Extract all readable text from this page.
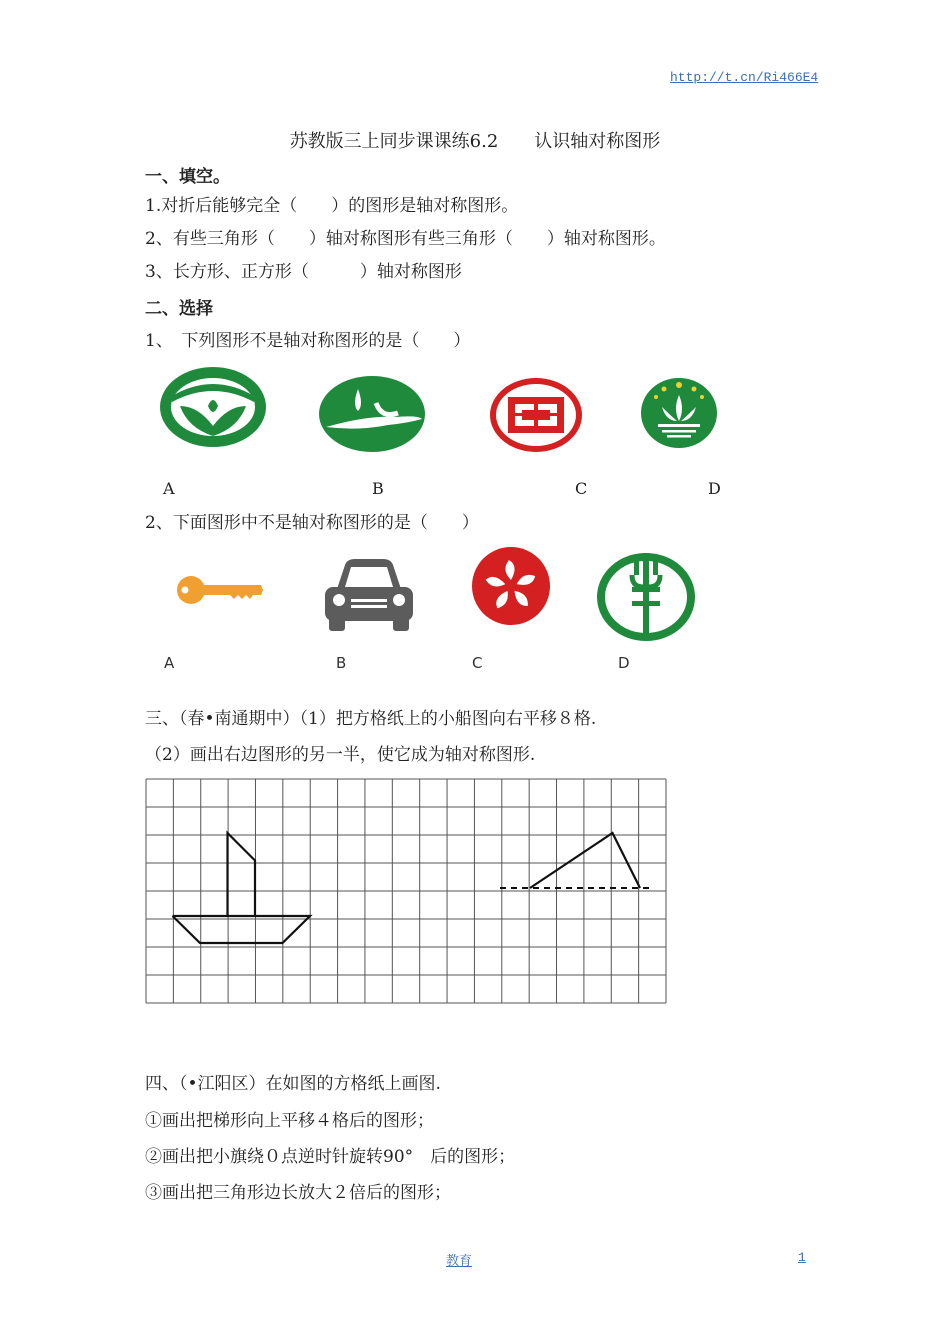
http://t.cn/Ri466E4
苏教版三上同步课课练6.2　　认识轴对称图形
一、填空。
1.对折后能够完全（　　）的图形是轴对称图形。
2、有些三角形（　　）轴对称图形有些三角形（　　）轴对称图形。
3、长方形、正方形（　　　）轴对称图形
二、选择
1、　下列图形不是轴对称图形的是（　　）
A	B	C	D
2、下面图形中不是轴对称图形的是（　　）
A	B	C	D
三、（春•南通期中）（1）把方格纸上的小船图向右平移８格.
（2）画出右边图形的另一半，使它成为轴对称图形.
四、（•江阳区）在如图的方格纸上画图.
①画出把梯形向上平移４格后的图形；
②画出把小旗绕０点逆时针旋转90°　后的图形；
③画出把三角形边长放大２倍后的图形；
教育	1
